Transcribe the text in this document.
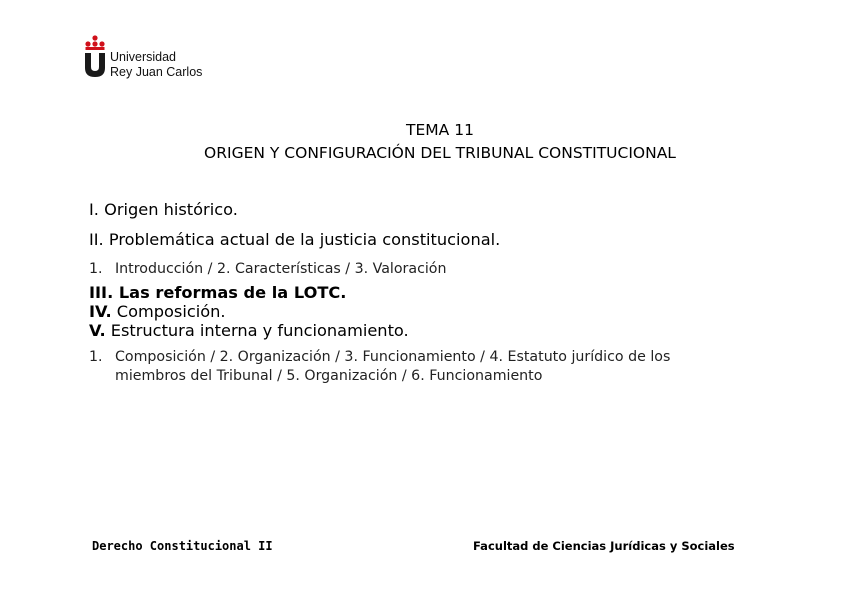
Universidad
Rey Juan Carlos
TEMA 11
ORIGEN Y CONFIGURACIÓN DEL TRIBUNAL CONSTITUCIONAL
I. Origen histórico.
II. Problemática actual de la justicia constitucional.
1. Introducción / 2. Características / 3. Valoración
III. Las reformas de la LOTC.
IV. Composición.
V. Estructura interna y funcionamiento.
1. Composición / 2. Organización / 3. Funcionamiento / 4. Estatuto jurídico de los
miembros del Tribunal / 5. Organización / 6. Funcionamiento
Derecho Constitucional II	Facultad de Ciencias Jurídicas y Sociales
